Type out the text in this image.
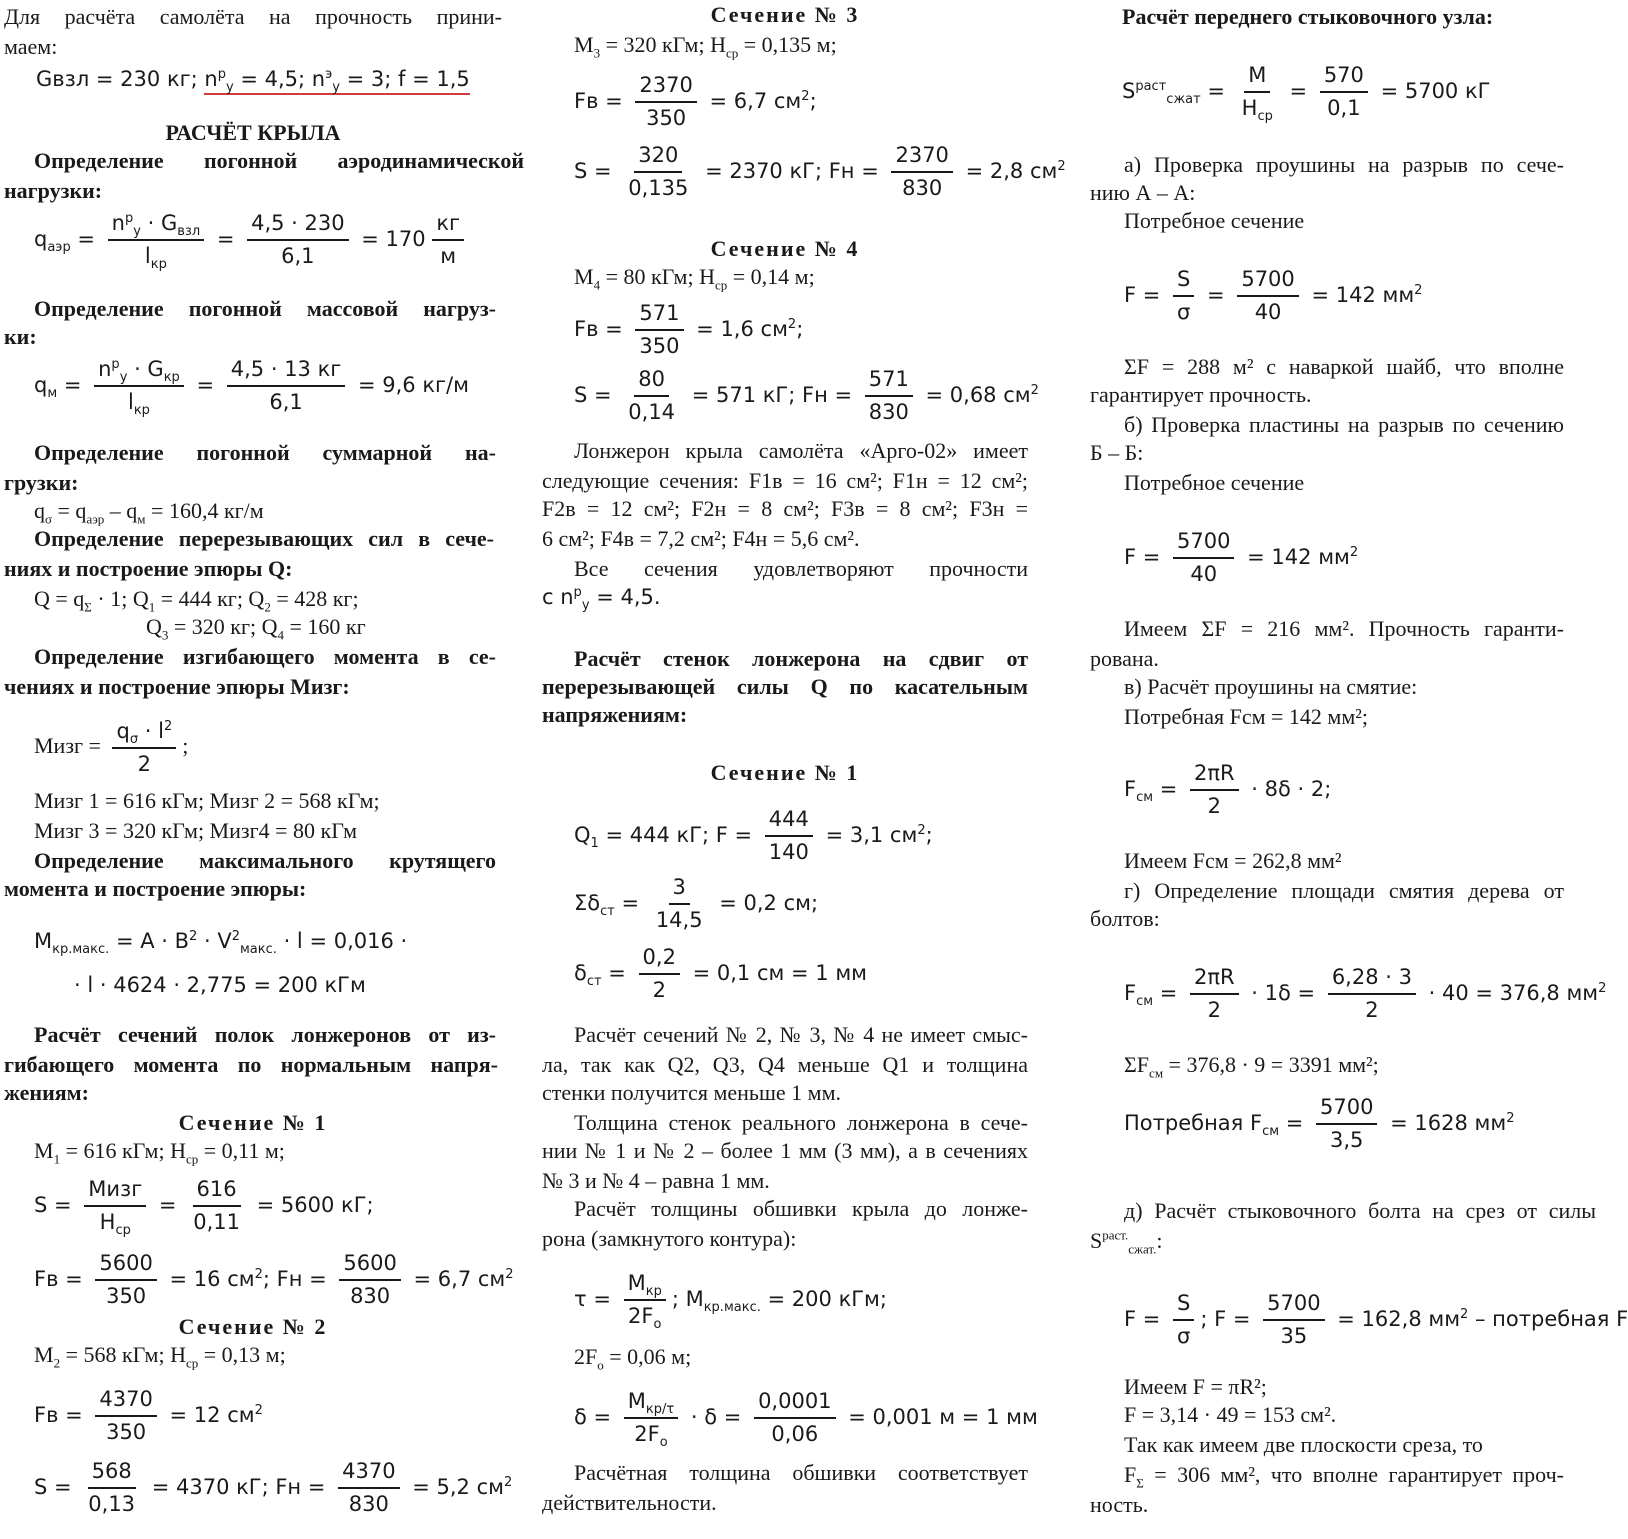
Для расчёта самолёта на прочность прини-
маем:
Gвзл = 230 кг; $n^p_y = 4,5$; $n^э_y = 3$; f = 1,5
РАСЧЁТ КРЫЛА
Определение погонной аэродинамической
нагрузки:
$q_{аэр}$ =
$n^p_y \cdot G_{взл}$
$l_{кр}$
= $\frac{4,5 \cdot 230}{6,1} = 170$
кг
м
Определение погонной массовой нагруз-
ки:
$q_м$ =
$n^p_y \cdot G_{кр}$
$l_{кр}$
=
4,5 · 13 кг
6,1
= 9,6 кг/м
Определение погонной суммарной на-
грузки:
$q_\sigma = q_{аэр} - q_м = 160,4$ кг/м
Определение перерезывающих сил в сече-
ниях и построение эпюры Q:
$Q = q_\Sigma \cdot 1$; $Q_1 = 444$ кг; $Q_2 = 428$ кг;
$Q_3 = 320$ кг; $Q_4 = 160$ кг
Определение изгибающего момента в се-
чениях и построение эпюры Мизг:
Мизг = $\frac{q_\sigma \cdot l^2}{2}$ ;
Мизг 1 = 616 кГм; Мизг 2 = 568 кГм;
Мизг 3 = 320 кГм; Мизг4 = 80 кГм
Определение максимального крутящего
момента и построение эпюры:
$M_{кр.макс.} = A \cdot B^2 \cdot V^2_{макс.} \cdot l = 0,016$ ·
· l · 4624 · 2,775 = 200 кГм
Расчёт сечений полок лонжеронов от из-
гибающего момента по нормальным напря-
жениям:
Сечение № 1
$M_1 = 616$ кГм; $H_{ср} = 0,11$ м;
S =
Мизг
$H_{ср}$
= $\frac{616}{0,11} = 5600$ кГ;
Fв = $\frac{5600}{350} = 16$ $см^2$; Fн = $\frac{5600}{830} = 6,7$ $см^2$
Сечение № 2
$M_2 = 568$ кГм; $H_{ср} = 0,13$ м;
Fв = $\frac{4370}{350} = 12$ $см^2$
$S = \frac{568}{0,13} = 4370$ кГ; Fн = $\frac{4370}{830} = 5,2$ $см^2$
Сечение № 3
$M_3 = 320$ кГм; $H_{ср} = 0,135$ м;
Fв = $\frac{2370}{350} = 6,7$ $см^2$;
$S = \frac{320}{0,135} = 2370$ кГ; Fн = $\frac{2370}{830} = 2,8$ $см^2$
Сечение № 4
$M_4 = 80$ кГм; $H_{ср} = 0,14$ м;
Fв = $\frac{571}{350} = 1,6$ $см^2$;
$S = \frac{80}{0,14} = 571$ кГ; Fн = $\frac{571}{830} = 0,68$ $см^2$
Лонжерон крыла самолёта «Арго-02» имеет
следующие сечения: F1в = 16 см²; F1н = 12 см²;
F2в = 12 см²; F2н = 8 см²; F3в = 8 см²; F3н =
6 см²; F4в = 7,2 см²; F4н = 5,6 см².
Все сечения удовлетворяют прочности
с $n^p_y = 4,5$.
Расчёт стенок лонжерона на сдвиг от
перерезывающей силы Q по касательным
напряжениям:
Сечение № 1
$Q_1 = 444$ кГ; $F = \frac{444}{140} = 3,1$ $см^2$;
$\Sigma\delta_{ст} = \frac{3}{14,5} = 0,2$ см;
$\delta_{ст} = \frac{0,2}{2} = 0,1$ см = 1 мм
Расчёт сечений № 2, № 3, № 4 не имеет смыс-
ла, так как Q2, Q3, Q4 меньше Q1 и толщина
стенки получится меньше 1 мм.
Толщина стенок реального лонжерона в сече-
нии № 1 и № 2 – более 1 мм (3 мм), а в сечениях
№ 3 и № 4 – равна 1 мм.
Расчёт толщины обшивки крыла до лонже-
рона (замкнутого контура):
τ =
$M_{кр}$
$2F_o$
; $M_{кр.макс.} = 200$ кГм;
$2F_o = 0,06$ м;
δ =
$M_{кр/\tau}$
$2F_o$
· $\delta = \frac{0,0001}{0,06} = 0,001$ м = 1 мм
Расчётная толщина обшивки соответствует
действительности.
Расчёт переднего стыковочного узла:
$S^{раст}_{сжат}$ =
M
$H_{ср}$
= $\frac{570}{0,1} = 5700$ кГ
а) Проверка проушины на разрыв по сече-
нию А – А:
Потребное сечение
$F = \frac{S}{\sigma} = \frac{5700}{40} = 142$ $мм^2$
ΣF = 288 м² с наваркой шайб, что вполне
гарантирует прочность.
б) Проверка пластины на разрыв по сечению
Б – Б:
Потребное сечение
$F = \frac{5700}{40} = 142$ $мм^2$
Имеем ΣF = 216 мм². Прочность гаранти-
рована.
в) Расчёт проушины на смятие:
Потребная Fсм = 142 мм²;
$F_{см} = \frac{2\pi R}{2} \cdot 8\delta \cdot 2$;
Имеем Fсм = 262,8 мм²
г) Определение площади смятия дерева от
болтов:
$F_{см} = \frac{2\pi R}{2} \cdot 1\delta = \frac{6,28 \cdot 3}{2} \cdot 40 = 376,8$ $мм^2$
$\Sigma F_{см} = 376,8 \cdot 9 = 3391$ мм²;
Потребная $F_{см} = \frac{5700}{3,5} = 1628$ $мм^2$
д) Расчёт стыковочного болта на срез от силы
$S^{раст.}_{сжат.}$:
$F = \frac{S}{\sigma}$ ; $F = \frac{5700}{35} = 162,8$ $мм^2$ – потребная F
Имеем F = πR²;
F = 3,14 · 49 = 153 см².
Так как имеем две плоскости среза, то
$F_\Sigma = 306$ мм², что вполне гарантирует проч-
ность.
